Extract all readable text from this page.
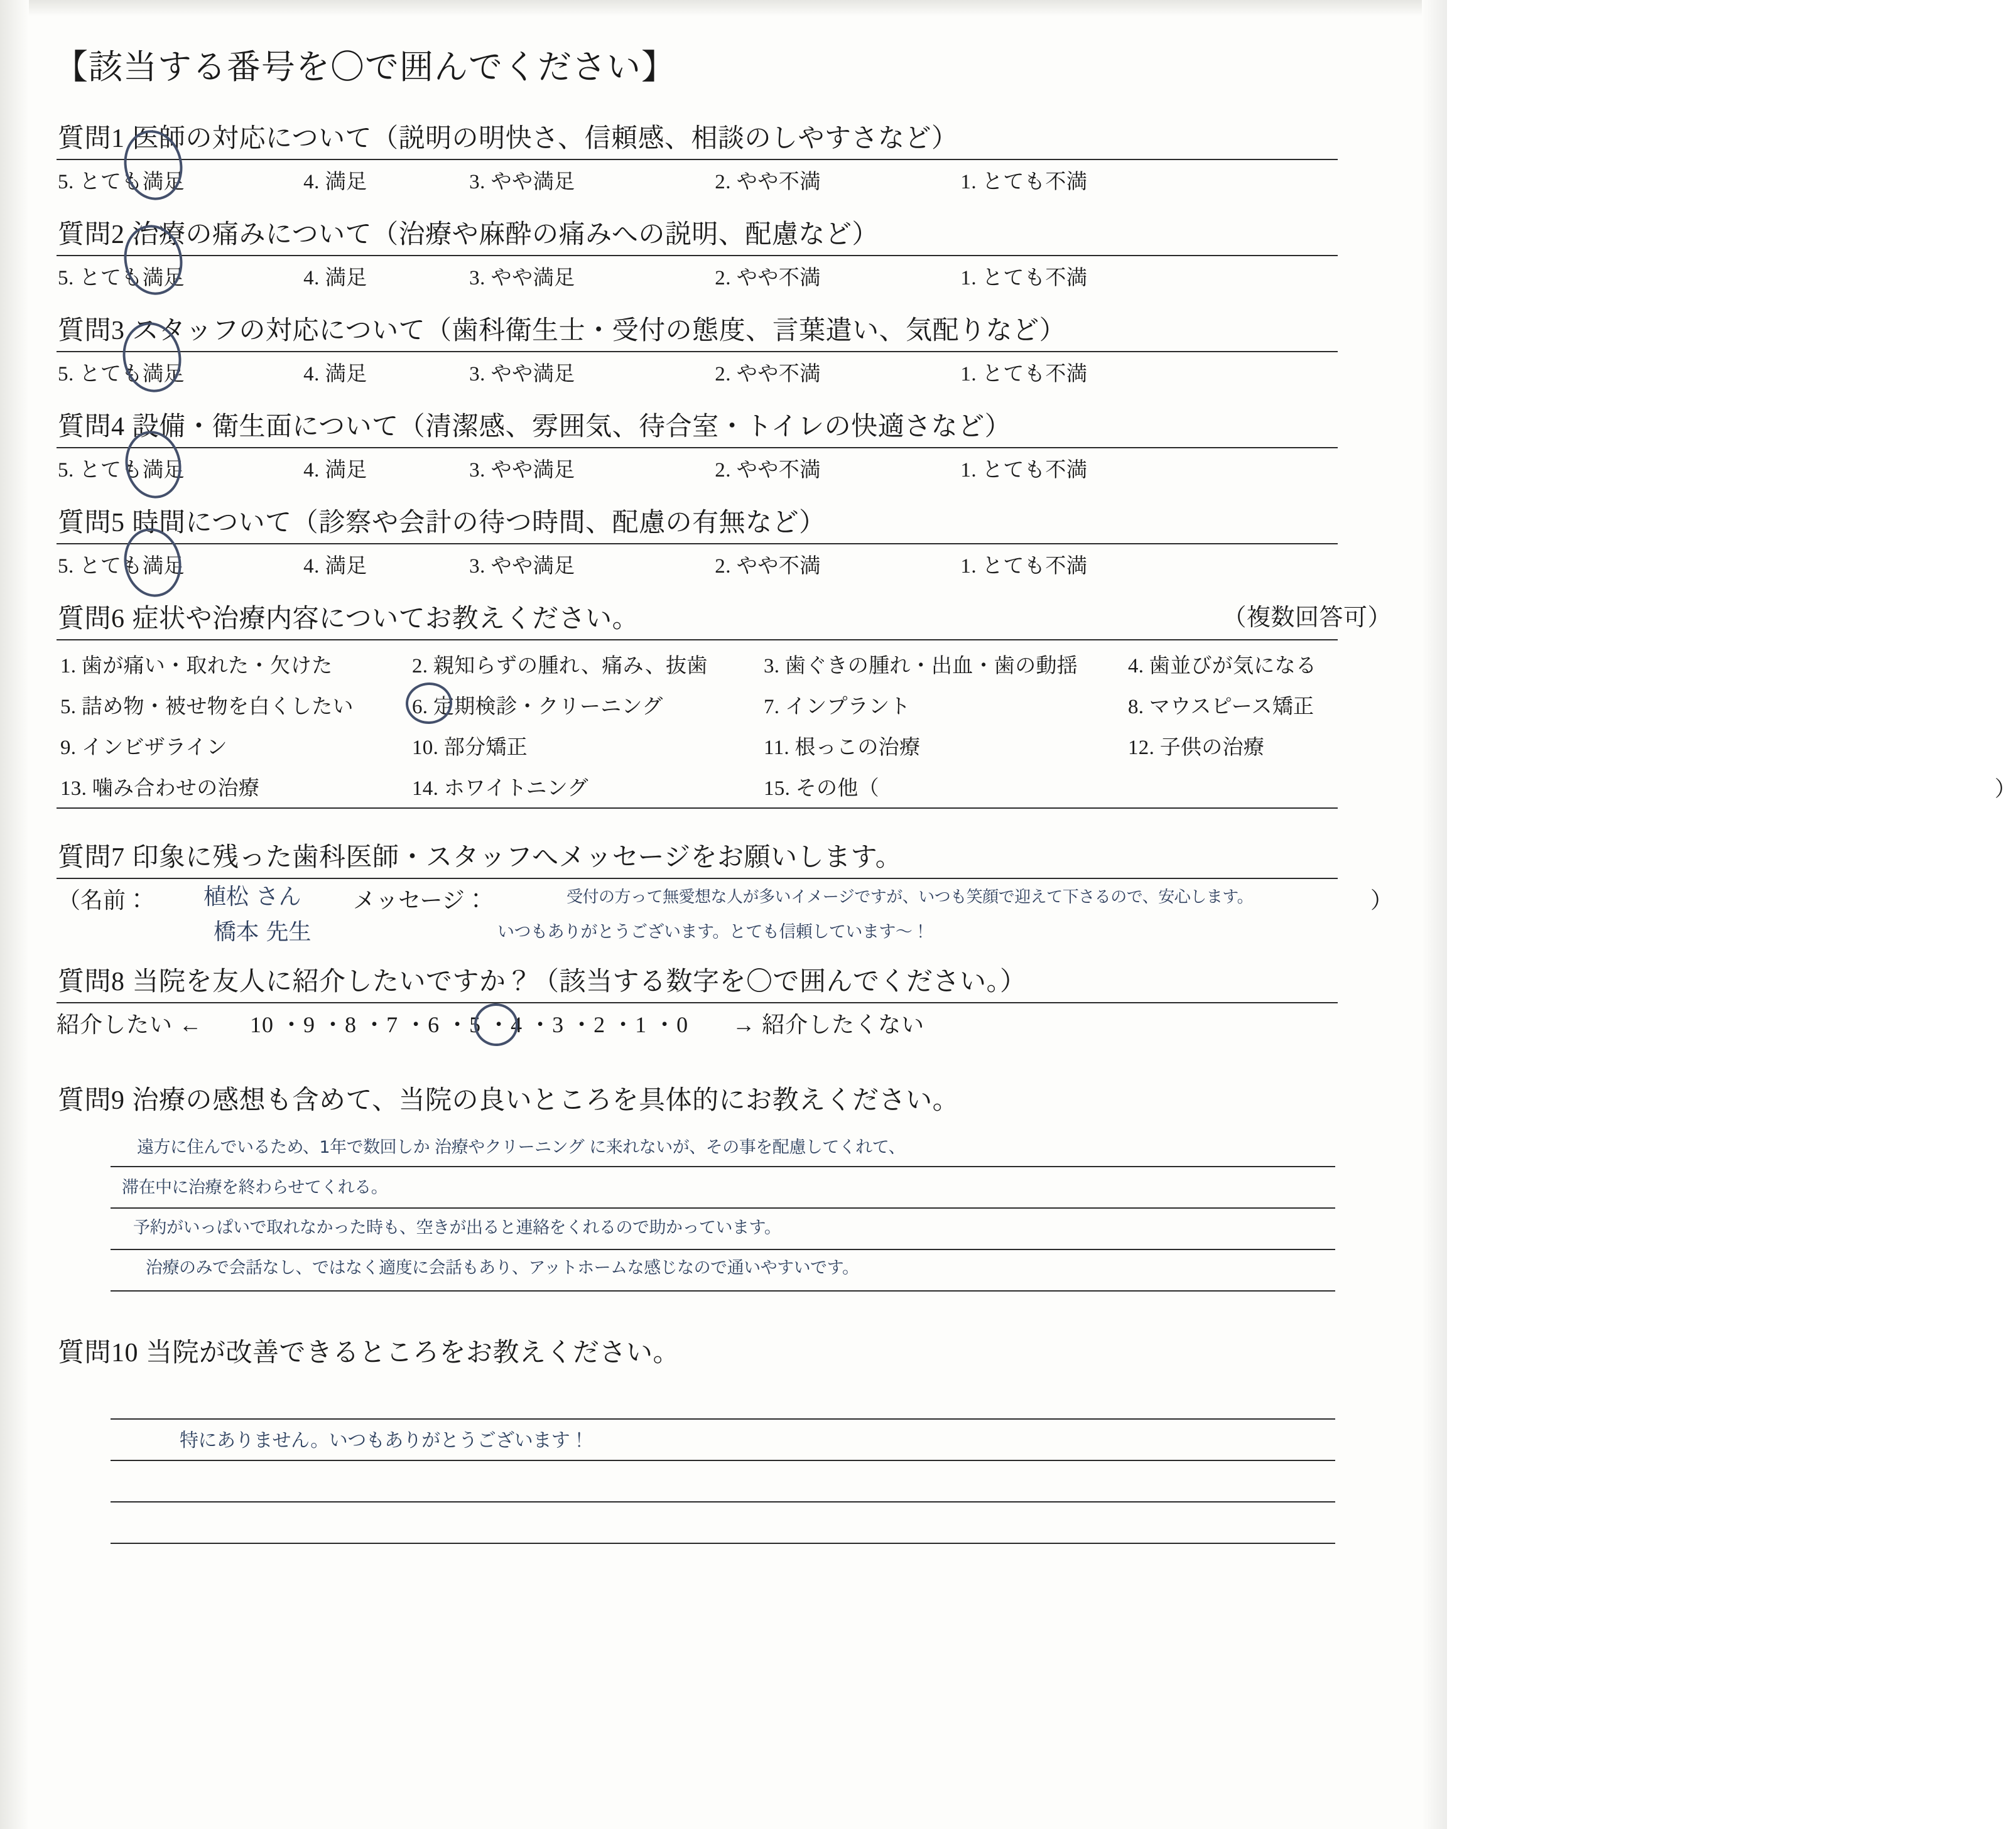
【該当する番号を〇で囲んでください】
質問1 医師の対応について（説明の明快さ、信頼感、相談のしやすさなど）
5. とても満足	4. 満足	3. やや満足	2. やや不満	1. とても不満
質問2 治療の痛みについて（治療や麻酔の痛みへの説明、配慮など）
5. とても満足	4. 満足	3. やや満足	2. やや不満	1. とても不満
質問3 スタッフの対応について（歯科衛生士・受付の態度、言葉遣い、気配りなど）
5. とても満足	4. 満足	3. やや満足	2. やや不満	1. とても不満
質問4 設備・衛生面について（清潔感、雰囲気、待合室・トイレの快適さなど）
5. とても満足	4. 満足	3. やや満足	2. やや不満	1. とても不満
質問5 時間について（診察や会計の待つ時間、配慮の有無など）
5. とても満足	4. 満足	3. やや満足	2. やや不満	1. とても不満
質問6 症状や治療内容についてお教えください。	（複数回答可）
1. 歯が痛い・取れた・欠けた	2. 親知らずの腫れ、痛み、抜歯	3. 歯ぐきの腫れ・出血・歯の動揺	4. 歯並びが気になる
5. 詰め物・被せ物を白くしたい	6. 定期検診・クリーニング	7. インプラント	8. マウスピース矯正
9. インビザライン	10. 部分矯正	11. 根っこの治療	12. 子供の治療
13. 噛み合わせの治療	14. ホワイトニング	15. その他（	）
質問7 印象に残った歯科医師・スタッフへメッセージをお願いします。
（名前： 植松 さん
橋本 先生
メッセージ：	受付の方って無愛想な人が多いイメージですが、いつも笑顔で迎えて下さるので、安心します。
いつもありがとうございます。とても信頼しています〜！
）
質問8 当院を友人に紹介したいですか？（該当する数字を〇で囲んでください。）
紹介したい ← 10 ・9 ・8 ・7 ・6 ・5 ・4 ・3 ・2 ・1 ・0 → 紹介したくない
質問9 治療の感想も含めて、当院の良いところを具体的にお教えください。
遠方に住んでいるため、1年で数回しか 治療やクリーニング に来れないが、その事を配慮してくれて、
滞在中に治療を終わらせてくれる。
予約がいっぱいで取れなかった時も、空きが出ると連絡をくれるので助かっています。
治療のみで会話なし、ではなく適度に会話もあり、アットホームな感じなので通いやすいです。
質問10 当院が改善できるところをお教えください。
特にありません。いつもありがとうございます！
